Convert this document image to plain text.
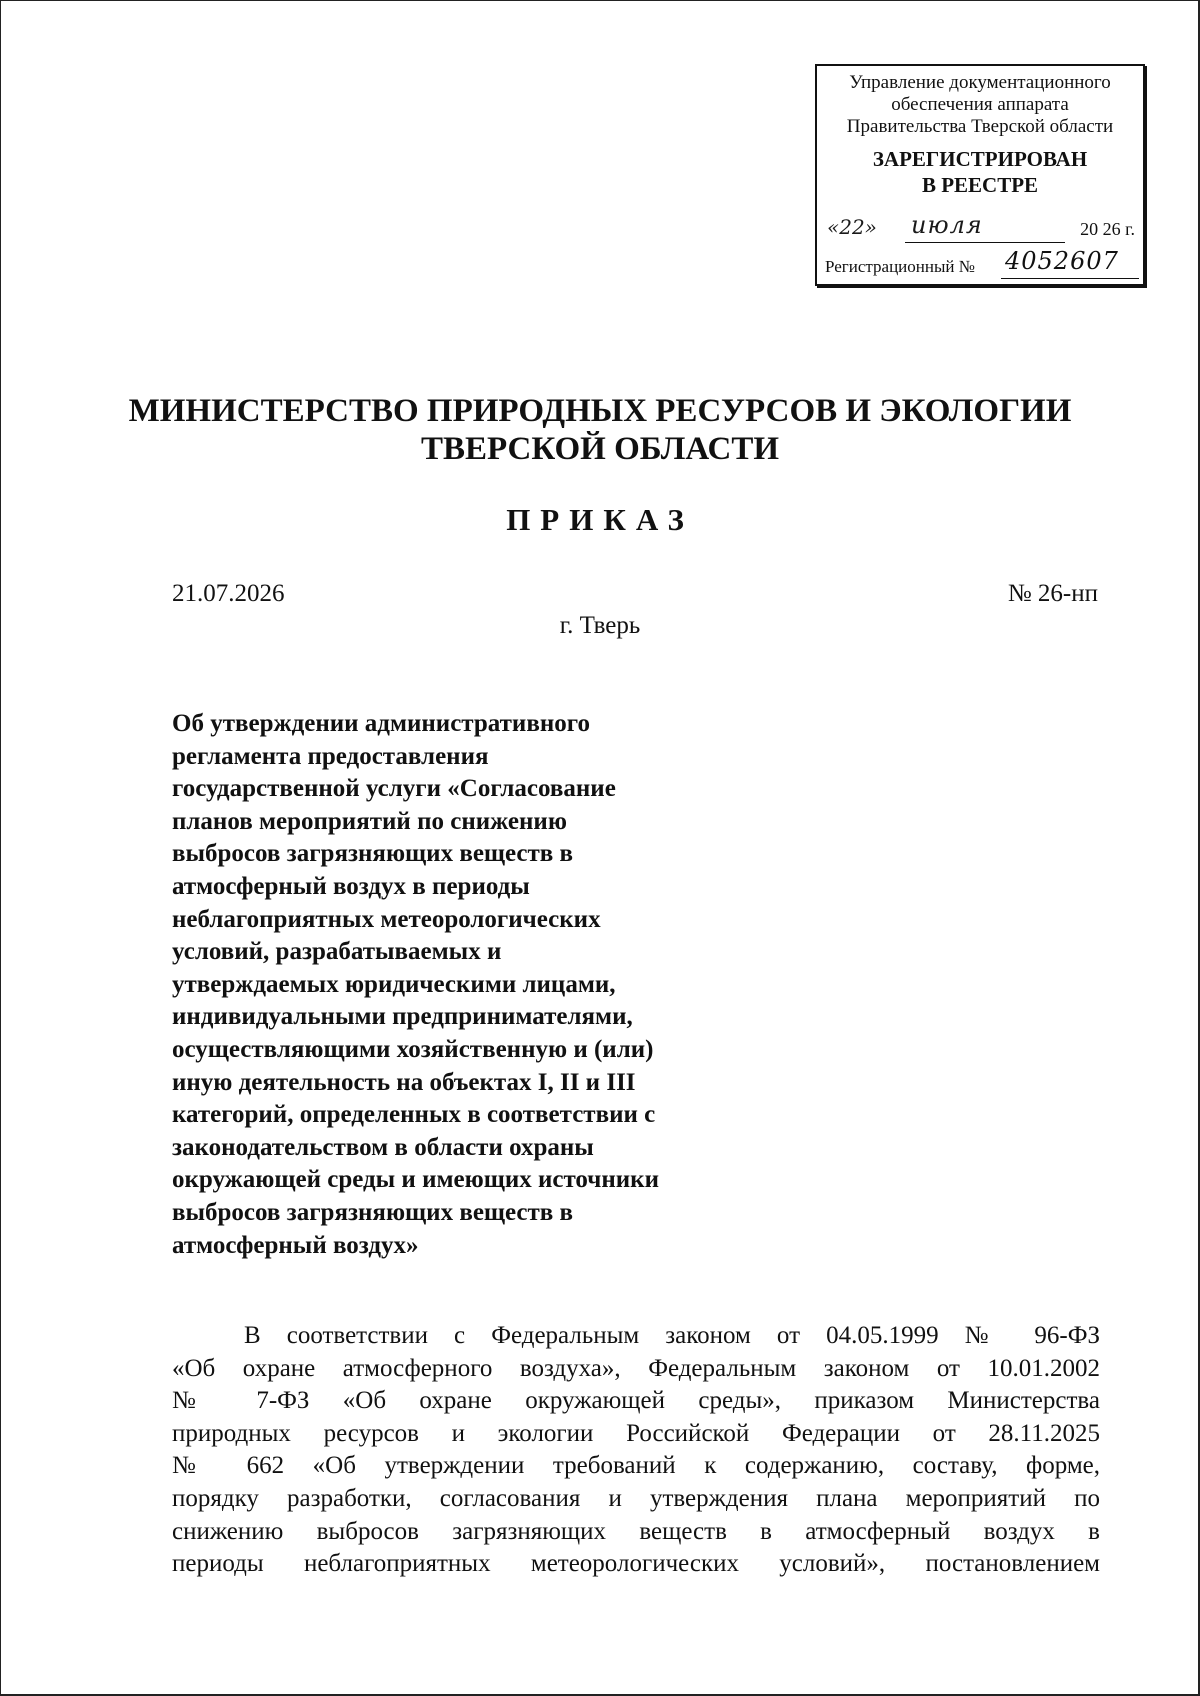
Управление документационного
обеспечения аппарата
Правительства Тверской области
ЗАРЕГИСТРИРОВАН
В РЕЕСТРЕ
«22» июля	20 26 г.
Регистрационный № 4052607
МИНИСТЕРСТВО ПРИРОДНЫХ РЕСУРСОВ И ЭКОЛОГИИ
ТВЕРСКОЙ ОБЛАСТИ
ПРИКАЗ
21.07.2026	№ 26-нп
г. Тверь
Об утверждении административного
регламента предоставления
государственной услуги «Согласование
планов мероприятий по снижению
выбросов загрязняющих веществ в
атмосферный воздух в периоды
неблагоприятных метеорологических
условий, разрабатываемых и
утверждаемых юридическими лицами,
индивидуальными предпринимателями,
осуществляющими хозяйственную и (или)
иную деятельность на объектах I, II и III
категорий, определенных в соответствии с
законодательством в области охраны
окружающей среды и имеющих источники
выбросов загрязняющих веществ в
атмосферный воздух»
В соответствии с Федеральным законом от 04.05.1999 № 96-ФЗ
«Об охране атмосферного воздуха», Федеральным законом от 10.01.2002
№ 7-ФЗ «Об охране окружающей среды», приказом Министерства
природных ресурсов и экологии Российской Федерации от 28.11.2025
№ 662 «Об утверждении требований к содержанию, составу, форме,
порядку разработки, согласования и утверждения плана мероприятий по
снижению выбросов загрязняющих веществ в атмосферный воздух в
периоды неблагоприятных метеорологических условий», постановлением
